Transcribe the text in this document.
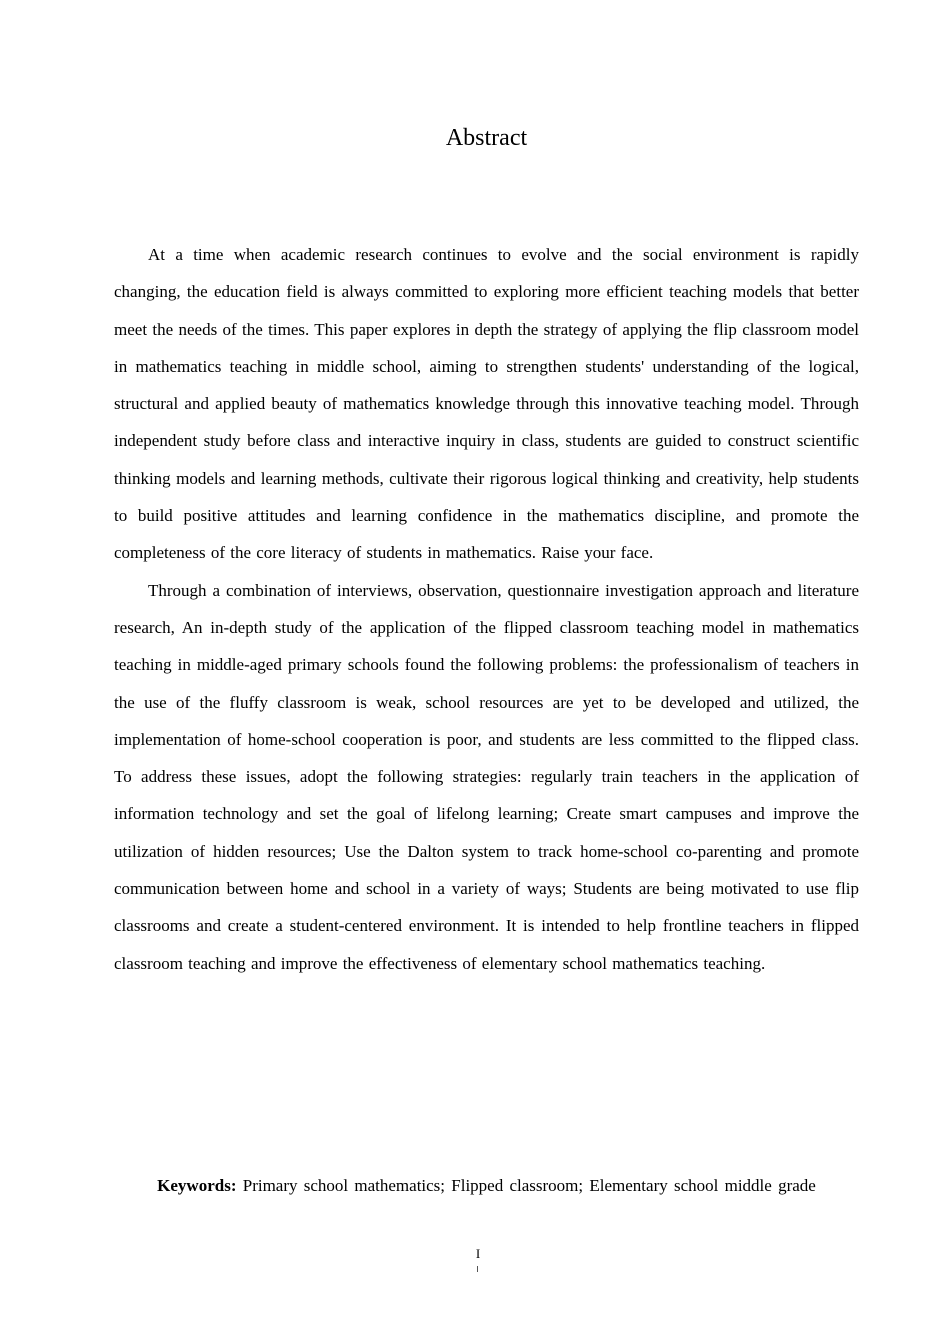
Abstract

At a time when academic research continues to evolve and the social environment is rapidly changing, the education field is always committed to exploring more efficient teaching models that better meet the needs of the times. This paper explores in depth the strategy of applying the flip classroom model in mathematics teaching in middle school, aiming to strengthen students' understanding of the logical, structural and applied beauty of mathematics knowledge through this innovative teaching model. Through independent study before class and interactive inquiry in class, students are guided to construct scientific thinking models and learning methods, cultivate their rigorous logical thinking and creativity, help students to build positive attitudes and learning confidence in the mathematics discipline, and promote the completeness of the core literacy of students in mathematics. Raise your face.

Through a combination of interviews, observation, questionnaire investigation approach and literature research, An in-depth study of the application of the flipped classroom teaching model in mathematics teaching in middle-aged primary schools found the following problems: the professionalism of teachers in the use of the fluffy classroom is weak, school resources are yet to be developed and utilized, the implementation of home-school cooperation is poor, and students are less committed to the flipped class. To address these issues, adopt the following strategies: regularly train teachers in the application of information technology and set the goal of lifelong learning; Create smart campuses and improve the utilization of hidden resources; Use the Dalton system to track home-school co-parenting and promote communication between home and school in a variety of ways; Students are being motivated to use flip classrooms and create a student-centered environment. It is intended to help frontline teachers in flipped classroom teaching and improve the effectiveness of elementary school mathematics teaching.

Keywords: Primary school mathematics; Flipped classroom; Elementary school middle grade

I
